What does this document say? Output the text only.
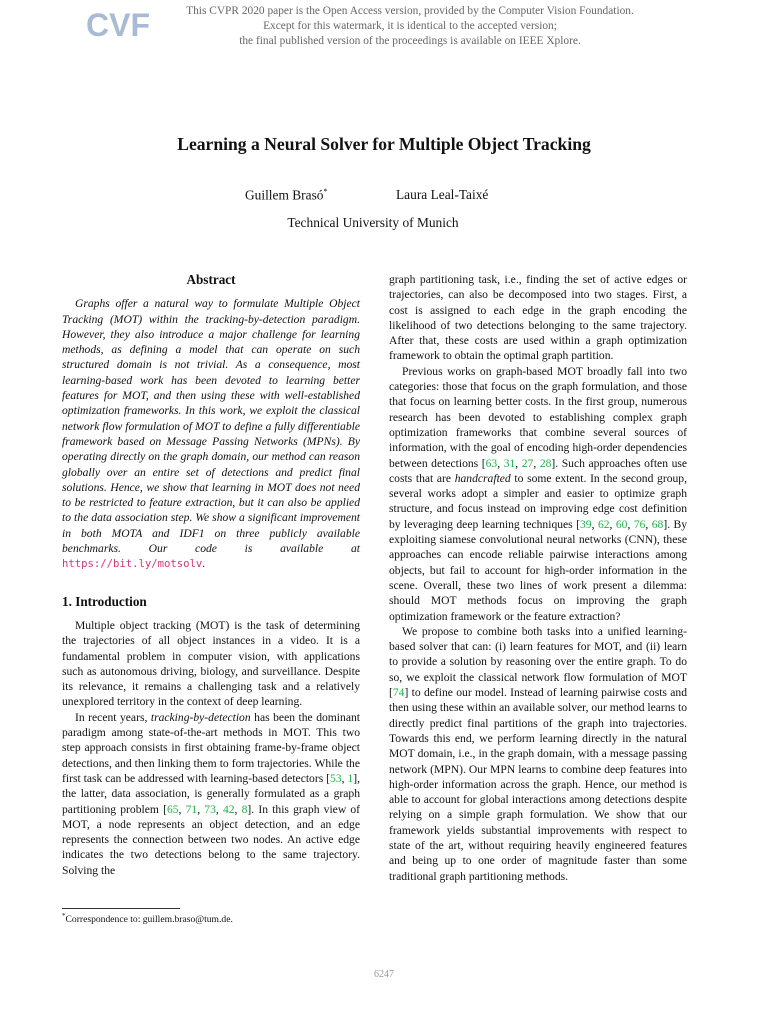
CVF	This CVPR 2020 paper is the Open Access version, provided by the Computer Vision Foundation.
Except for this watermark, it is identical to the accepted version;
the final published version of the proceedings is available on IEEE Xplore.
Learning a Neural Solver for Multiple Object Tracking
Guillem Brasó*	Laura Leal-Taixé
Technical University of Munich
Abstract

Graphs offer a natural way to formulate Multiple Object Tracking (MOT) within the tracking-by-detection paradigm. However, they also introduce a major challenge for learning methods, as defining a model that can operate on such structured domain is not trivial. As a consequence, most learning-based work has been devoted to learning better features for MOT, and then using these with well-established optimization frameworks. In this work, we exploit the classical network flow formulation of MOT to define a fully differentiable framework based on Message Passing Networks (MPNs). By operating directly on the graph domain, our method can reason globally over an entire set of detections and predict final solutions. Hence, we show that learning in MOT does not need to be restricted to feature extraction, but it can also be applied to the data association step. We show a significant improvement in both MOTA and IDF1 on three publicly available benchmarks. Our code is available at https://bit.ly/motsolv.

1. Introduction

Multiple object tracking (MOT) is the task of determining the trajectories of all object instances in a video. It is a fundamental problem in computer vision, with applications such as autonomous driving, biology, and surveillance. Despite its relevance, it remains a challenging task and a relatively unexplored territory in the context of deep learning.

In recent years, tracking-by-detection has been the dominant paradigm among state-of-the-art methods in MOT. This two step approach consists in first obtaining frame-by-frame object detections, and then linking them to form trajectories. While the first task can be addressed with learning-based detectors [53, 1], the latter, data association, is generally formulated as a graph partitioning problem [65, 71, 73, 42, 8]. In this graph view of MOT, a node represents an object detection, and an edge represents the connection between two nodes. An active edge indicates the two detections belong to the same trajectory. Solving the

graph partitioning task, i.e., finding the set of active edges or trajectories, can also be decomposed into two stages. First, a cost is assigned to each edge in the graph encoding the likelihood of two detections belonging to the same trajectory. After that, these costs are used within a graph optimization framework to obtain the optimal graph partition.

Previous works on graph-based MOT broadly fall into two categories: those that focus on the graph formulation, and those that focus on learning better costs. In the first group, numerous research has been devoted to establishing complex graph optimization frameworks that combine several sources of information, with the goal of encoding high-order dependencies between detections [63, 31, 27, 28]. Such approaches often use costs that are handcrafted to some extent. In the second group, several works adopt a simpler and easier to optimize graph structure, and focus instead on improving edge cost definition by leveraging deep learning techniques [39, 62, 60, 76, 68]. By exploiting siamese convolutional neural networks (CNN), these approaches can encode reliable pairwise interactions among objects, but fail to account for high-order information in the scene. Overall, these two lines of work present a dilemma: should MOT methods focus on improving the graph optimization framework or the feature extraction?

We propose to combine both tasks into a unified learning-based solver that can: (i) learn features for MOT, and (ii) learn to provide a solution by reasoning over the entire graph. To do so, we exploit the classical network flow formulation of MOT [74] to define our model. Instead of learning pairwise costs and then using these within an available solver, our method learns to directly predict final partitions of the graph into trajectories. Towards this end, we perform learning directly in the natural MOT domain, i.e., in the graph domain, with a message passing network (MPN). Our MPN learns to combine deep features into high-order information across the graph. Hence, our method is able to account for global interactions among detections despite relying on a simple graph formulation. We show that our framework yields substantial improvements with respect to state of the art, without requiring heavily engineered features and being up to one order of magnitude faster than some traditional graph partitioning methods.

*Correspondence to: guillem.braso@tum.de.
6247
